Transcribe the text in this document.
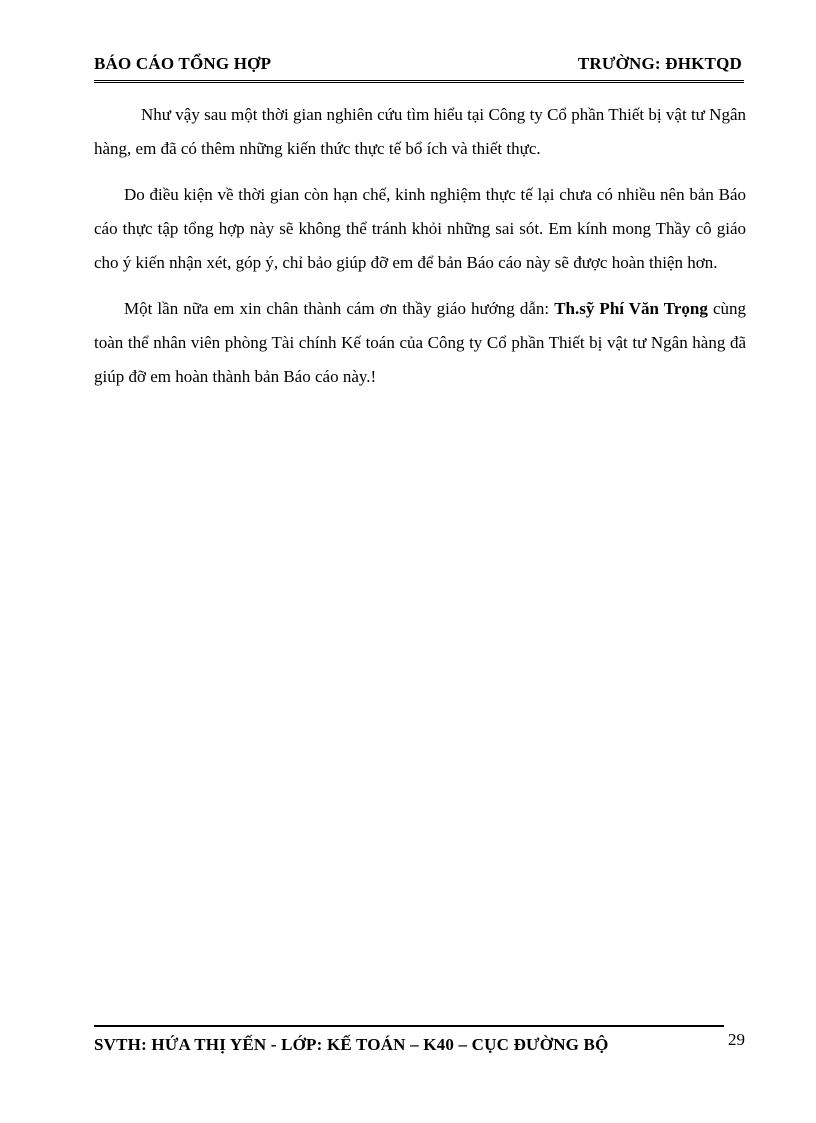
BÁO CÁO TỔNG HỢP	TRƯỜNG: ĐHKTQD

Như vậy sau một thời gian nghiên cứu tìm hiểu tại Công ty Cổ phần Thiết bị vật tư Ngân hàng, em đã có thêm những kiến thức thực tế bổ ích và thiết thực.

Do điều kiện về thời gian còn hạn chế, kinh nghiệm thực tế lại chưa có nhiều nên bản Báo cáo thực tập tổng hợp này sẽ không thể tránh khỏi những sai sót. Em kính mong Thầy cô giáo cho ý kiến nhận xét, góp ý, chỉ bảo giúp đỡ em để bản Báo cáo này sẽ được hoàn thiện hơn.

Một lần nữa em xin chân thành cám ơn thầy giáo hướng dẫn: Th.sỹ Phí Văn Trọng cùng toàn thể nhân viên phòng Tài chính Kế toán của Công ty Cổ phần Thiết bị vật tư Ngân hàng đã giúp đỡ em hoàn thành bản Báo cáo này.!

SVTH: HỨA THỊ YẾN - LỚP: KẾ TOÁN – K40 – CỤC ĐƯỜNG BỘ	29
